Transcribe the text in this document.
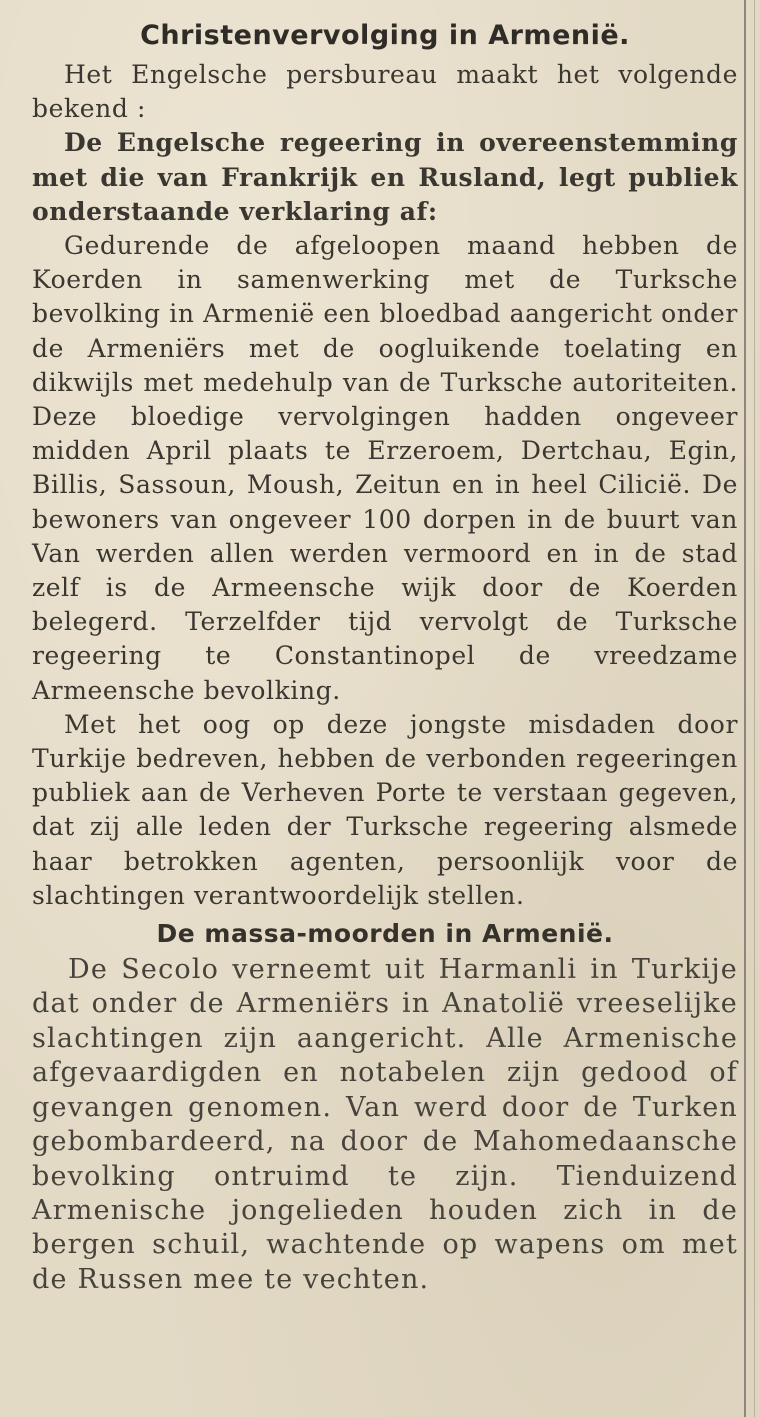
Christenvervolging in Armenië.

Het Engelsche persbureau maakt het volgende bekend :

De Engelsche regeering in overeenstemming met die van Frankrijk en Rusland, legt publiek onderstaande verklaring af:

Gedurende de afgeloopen maand hebben de Koerden in samenwerking met de Turksche bevolking in Armenië een bloedbad aangericht onder de Armeniërs met de oogluikende toelating en dikwijls met medehulp van de Turksche autoriteiten. Deze bloedige vervolgingen hadden ongeveer midden April plaats te Erzeroem, Dertchau, Egin, Billis, Sassoun, Moush, Zeitun en in heel Cilicië. De bewoners van ongeveer 100 dorpen in de buurt van Van werden allen werden vermoord en in de stad zelf is de Armeensche wijk door de Koerden belegerd. Terzelfder tijd vervolgt de Turksche regeering te Constantinopel de vreedzame Armeensche bevolking.

Met het oog op deze jongste misdaden door Turkije bedreven, hebben de verbonden regeeringen publiek aan de Verheven Porte te verstaan gegeven, dat zij alle leden der Turksche regeering alsmede haar betrokken agenten, persoonlijk voor de slachtingen verantwoordelijk stellen.

De massa-moorden in Armenië.

De Secolo verneemt uit Harmanli in Turkije dat onder de Armeniërs in Anatolië vreeselijke slachtingen zijn aangericht. Alle Armenische afgevaardigden en notabelen zijn gedood of gevangen genomen. Van werd door de Turken gebombardeerd, na door de Mahomedaansche bevolking ontruimd te zijn. Tienduizend Armenische jongelieden houden zich in de bergen schuil, wachtende op wapens om met de Russen mee te vechten.
